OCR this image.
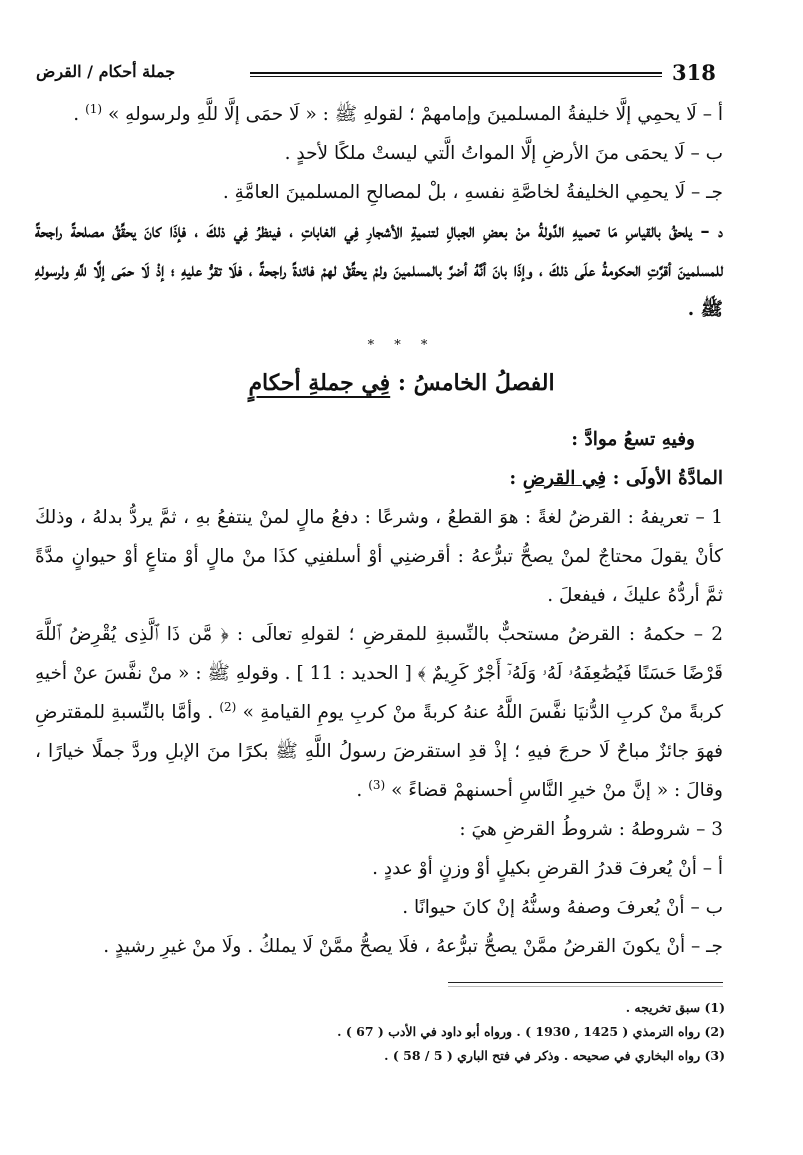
318
جملة أحكام / القرض

أ – لَا يحمِي إلَّا خليفةُ المسلمينَ وإمامهمْ ؛ لقولهِ ﷺ : « لَا حمَى إلَّا للَّهِ ولرسولهِ » $^{(1)}$ .

ب – لَا يحمَى منَ الأرضِ إلَّا المواتُ الَّتي ليستْ ملكًا لأحدٍ .

جـ – لَا يحمِي الخليفةُ لخاصَّةِ نفسهِ ، بلْ لمصالحِ المسلمينَ العامَّةِ .

د – يلحقُ بالقياسِ مَا تحميهِ الدَّولةُ منْ بعضِ الجبالِ لتنميةِ الأشجارِ فِي الغاباتِ ، فينظرُ فِي ذلكَ ، فإذَا كانَ يحقِّقُ مصلحةً راجحةً للمسلمينَ أقرَّتِ الحكومةُ علَى ذلكَ ، وإذَا بانَ أنَّهُ أضرَّ بالمسلمينَ ولمْ يحقِّقْ لهمْ فائدةً راجحةً ، فلَا تقرُّ عليهِ ؛ إذْ لَا حمَى إلَّا للَّهِ ولرسولهِ ﷺ .

* * *
الفصلُ الخامسُ : فِي جملةِ أحكامٍ

وفيهِ تسعُ موادَّ :

المادَّةُ الأولَى : فِي القرضِ :

1 – تعريفهُ : القرضُ لغةً : هوَ القطعُ ، وشرعًا : دفعُ مالٍ لمنْ ينتفعُ بهِ ، ثمَّ يردُّ بدلهُ ، وذلكَ كأنْ يقولَ محتاجٌ لمنْ يصحُّ تبرُّعهُ : أقرضنِي أوْ أسلفنِي كذَا منْ مالٍ أوْ متاعٍ أوْ حيوانٍ مدَّةً ثمَّ أردُّهُ عليكَ ، فيفعلَ .

2 – حكمهُ : القرضُ مستحبٌّ بالنِّسبةِ للمقرضِ ؛ لقولهِ تعالَى : ﴿ مَّن ذَا ٱلَّذِى يُقْرِضُ ٱللَّهَ قَرْضًا حَسَنًا فَيُضَٰعِفَهُۥ لَهُۥ وَلَهُۥٓ أَجْرٌ كَرِيمٌ ﴾ [ الحديد : 11 ] . وقولهِ ﷺ : « منْ نفَّسَ عنْ أخيهِ كربةً منْ كربِ الدُّنيَا نفَّسَ اللَّهُ عنهُ كربةً منْ كربِ يومِ القيامةِ » $^{(2)}$ . وأمَّا بالنِّسبةِ للمقترضِ فهوَ جائزٌ مباحٌ لَا حرجَ فيهِ ؛ إذْ قدِ استقرضَ رسولُ اللَّهِ ﷺ بكرًا منَ الإبلِ وردَّ جملًا خيارًا ، وقالَ : « إنَّ منْ خيرِ النَّاسِ أحسنهمْ قضاءً » $^{(3)}$ .

3 – شروطهُ : شروطُ القرضِ هيَ :

أ – أنْ يُعرفَ قدرُ القرضِ بكيلٍ أوْ وزنٍ أوْ عددٍ .

ب – أنْ يُعرفَ وصفهُ وسنُّهُ إنْ كانَ حيوانًا .

جـ – أنْ يكونَ القرضُ ممَّنْ يصحُّ تبرُّعهُ ، فلَا يصحُّ ممَّنْ لَا يملكُ . ولَا منْ غيرِ رشيدٍ .

(1) سبق تخريجه .

(2) رواه الترمذي ( 1425 , 1930 ) . ورواه أبو داود في الأدب ( 67 ) .

(3) رواه البخاري في صحيحه . وذكر في فتح الباري ( 5 / 58 ) .
